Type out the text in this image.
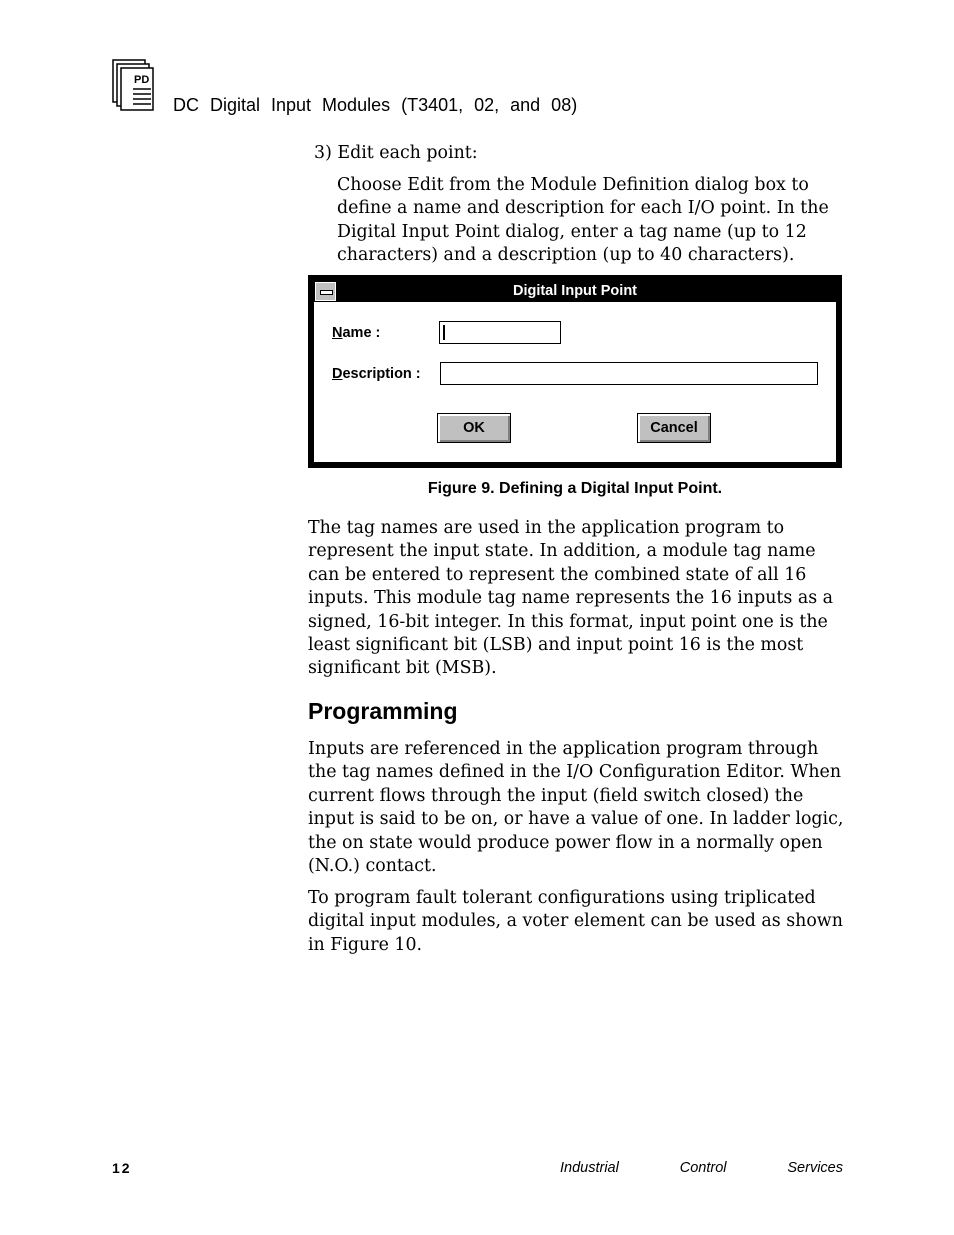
PD
DC Digital Input Modules (T3401, 02, and 08)
3) Edit each point:
Choose Edit from the Module Definition dialog box to define a name and description for each I/O point. In the Digital Input Point dialog, enter a tag name (up to 12 characters) and a description (up to 40 characters).
Digital Input Point
Name :
Description :
OK	Cancel
Figure 9. Defining a Digital Input Point.
The tag names are used in the application program to represent the input state. In addition, a module tag name can be entered to represent the combined state of all 16 inputs. This module tag name represents the 16 inputs as a signed, 16-bit integer. In this format, input point one is the least significant bit (LSB) and input point 16 is the most significant bit (MSB).
Programming
Inputs are referenced in the application program through the tag names defined in the I/O Configuration Editor. When current flows through the input (field switch closed) the input is said to be on, or have a value of one. In ladder logic, the on state would produce power flow in a normally open (N.O.) contact.
To program fault tolerant configurations using triplicated digital input modules, a voter element can be used as shown in Figure 10.
12	Industrial	Control	Services
